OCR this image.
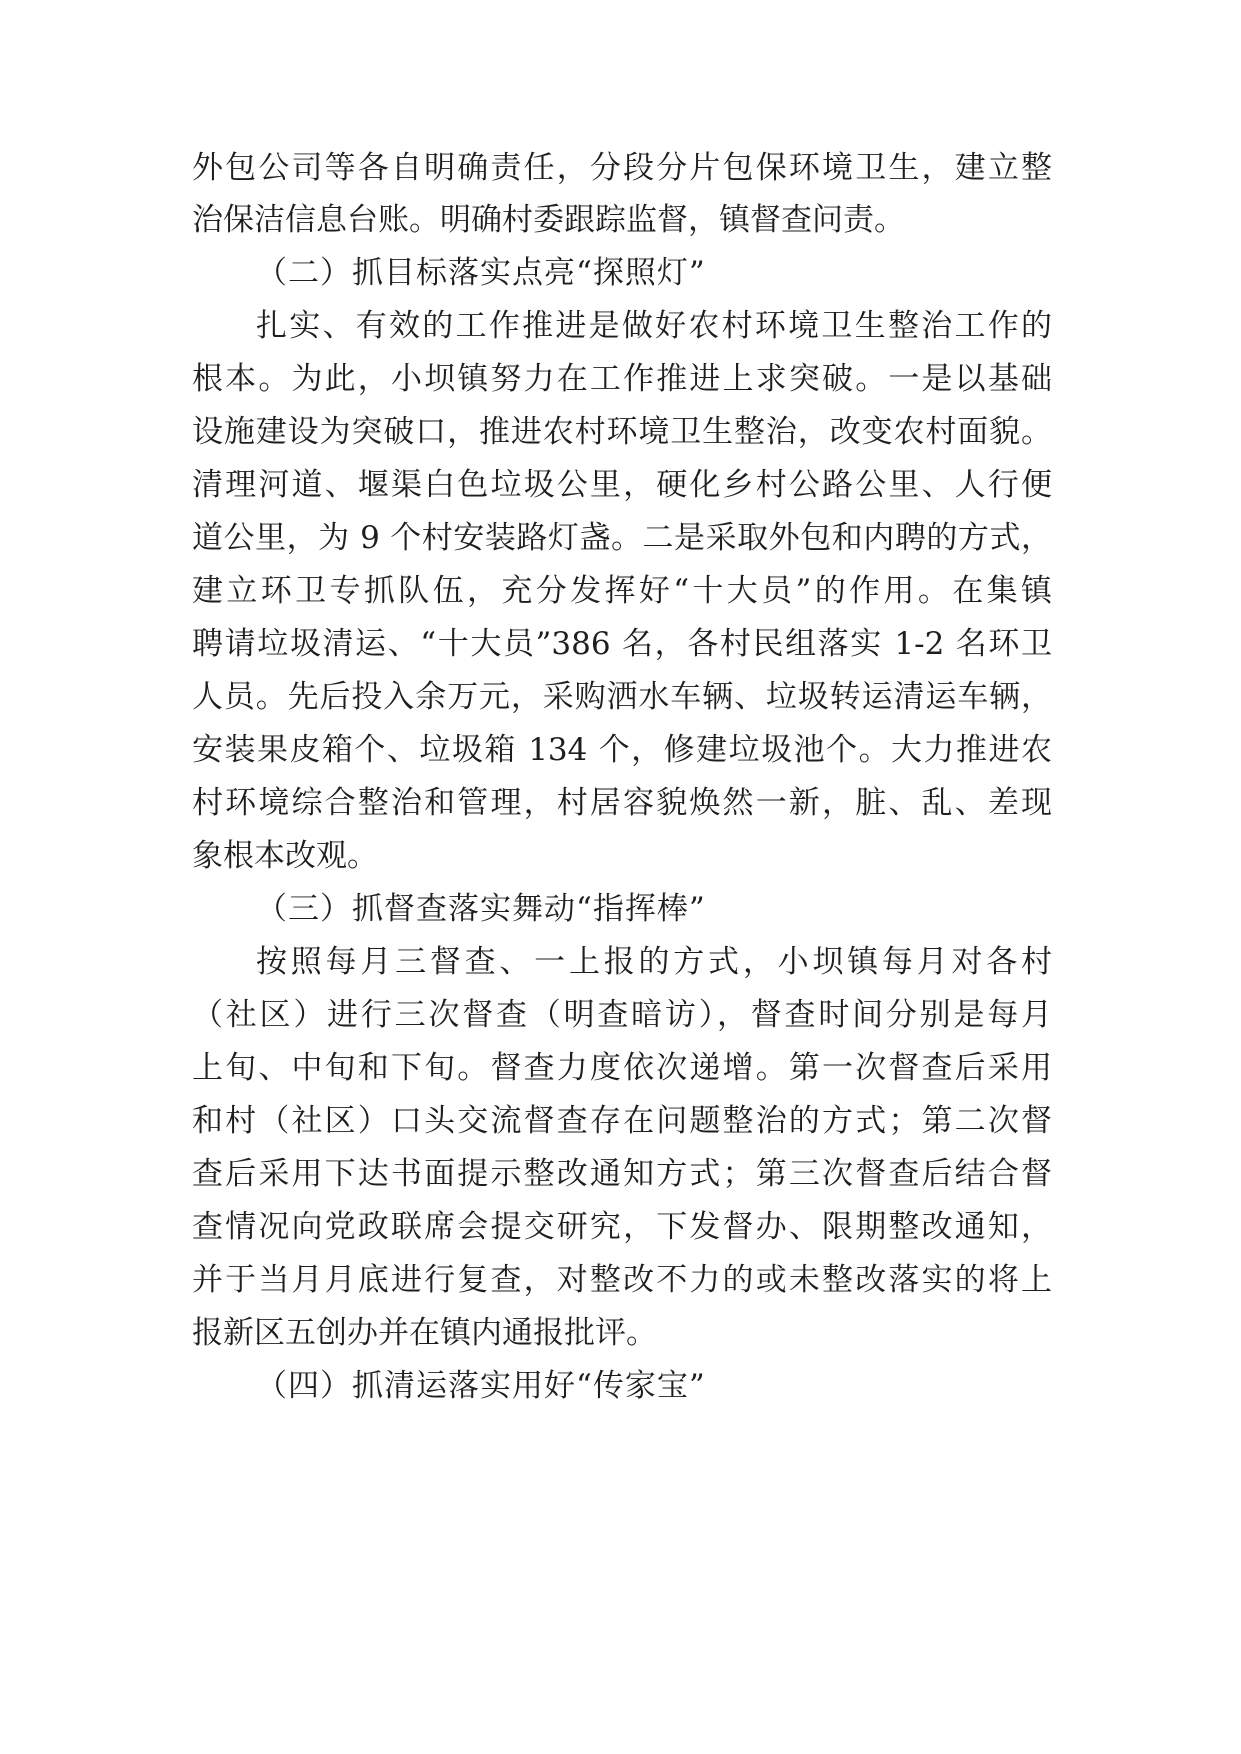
外包公司等各自明确责任，分段分片包保环境卫生，建立整
治保洁信息台账。明确村委跟踪监督，镇督查问责。
（二）抓目标落实点亮“探照灯”
扎实、有效的工作推进是做好农村环境卫生整治工作的
根本。为此，小坝镇努力在工作推进上求突破。一是以基础
设施建设为突破口，推进农村环境卫生整治，改变农村面貌。
清理河道、堰渠白色垃圾公里，硬化乡村公路公里、人行便
道公里，为 9 个村安装路灯盏。二是采取外包和内聘的方式，
建立环卫专抓队伍，充分发挥好“十大员”的作用。在集镇
聘请垃圾清运、“十大员”386 名，各村民组落实 1-2 名环卫
人员。先后投入余万元，采购洒水车辆、垃圾转运清运车辆，
安装果皮箱个、垃圾箱 134 个，修建垃圾池个。大力推进农
村环境综合整治和管理，村居容貌焕然一新，脏、乱、差现
象根本改观。
（三）抓督查落实舞动“指挥棒”
按照每月三督查、一上报的方式，小坝镇每月对各村
（社区）进行三次督查（明查暗访），督查时间分别是每月
上旬、中旬和下旬。督查力度依次递增。第一次督查后采用
和村（社区）口头交流督查存在问题整治的方式；第二次督
查后采用下达书面提示整改通知方式；第三次督查后结合督
查情况向党政联席会提交研究，下发督办、限期整改通知，
并于当月月底进行复查，对整改不力的或未整改落实的将上
报新区五创办并在镇内通报批评。
（四）抓清运落实用好“传家宝”
